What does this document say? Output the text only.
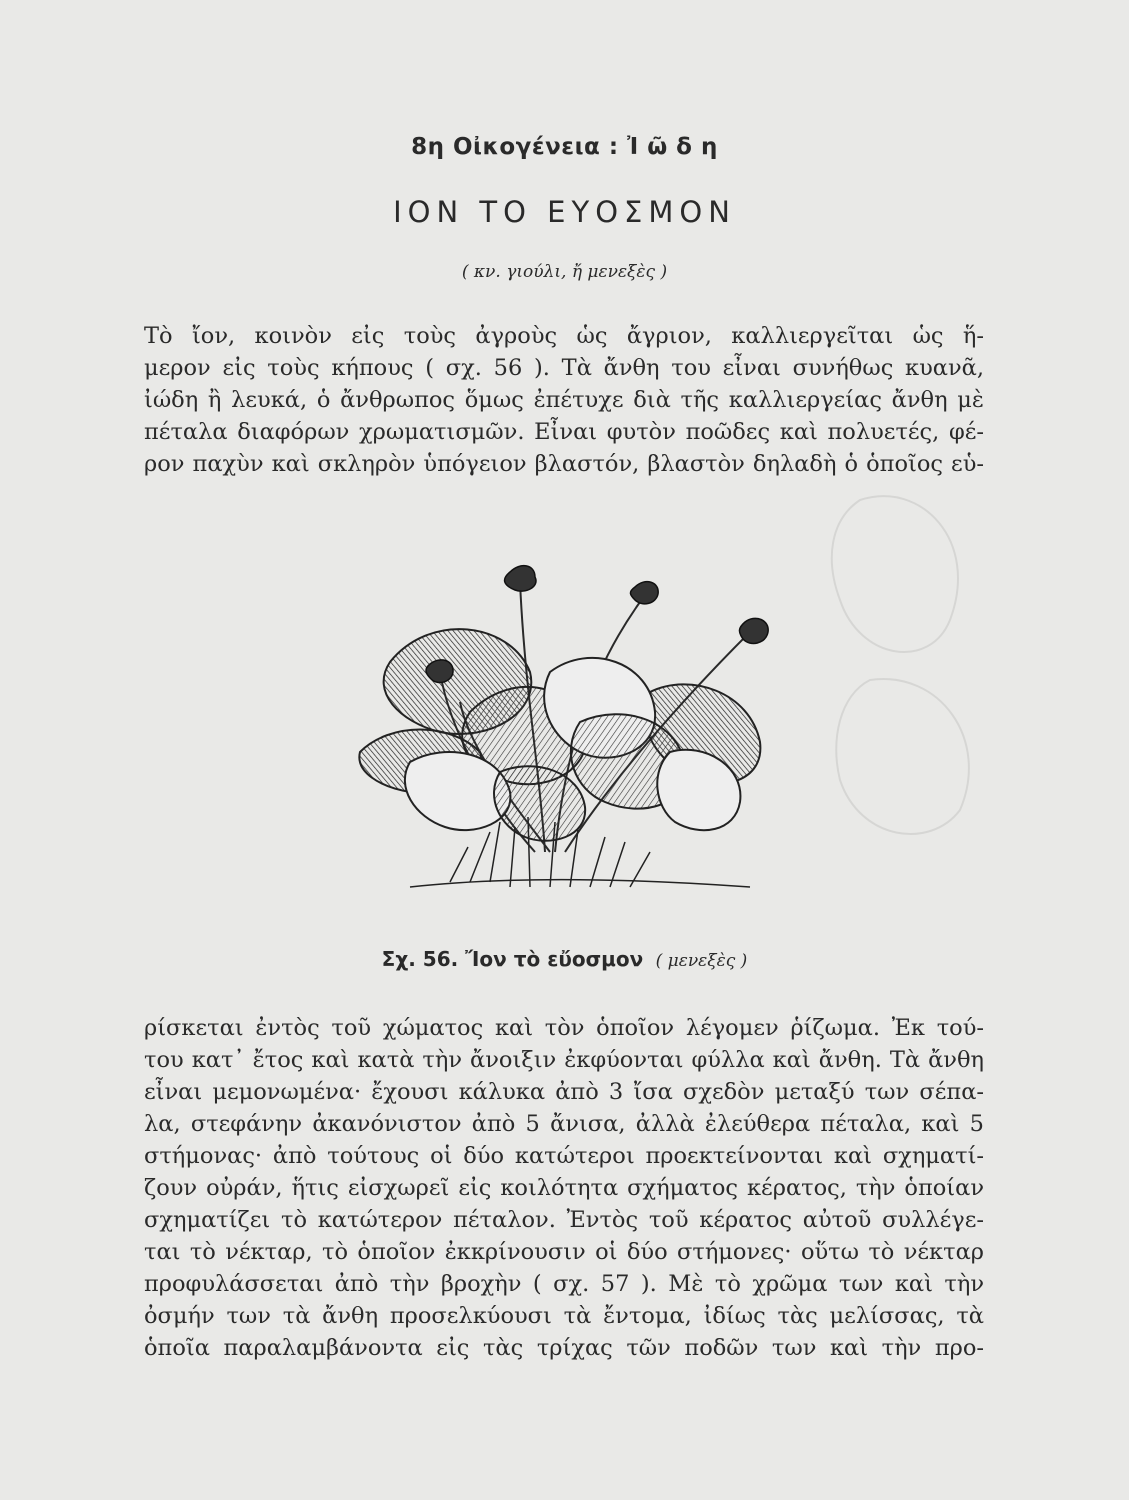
8η Οἰκογένεια : Ἰ ῶ δ η
ΙΟΝ ΤΟ ΕΥΟΣΜΟΝ
( κν. γιούλι, ἤ μενεξὲς )
Τὸ ἴον, κοινὸν εἰς τοὺς ἀγροὺς ὡς ἄγριον, καλλιεργεῖται ὡς ἥ-
μερον εἰς τοὺς κήπους ( σχ. 56 ). Τὰ ἄνθη του εἶναι συνήθως κυανᾶ,
ἰώδη ἢ λευκά, ὁ ἄνθρωπος ὅμως ἐπέτυχε διὰ τῆς καλλιεργείας ἄνθη μὲ
πέταλα διαφόρων χρωματισμῶν. Εἶναι φυτὸν ποῶδες καὶ πολυετές, φέ-
ρον παχὺν καὶ σκληρὸν ὑπόγειον βλαστόν, βλαστὸν δηλαδὴ ὁ ὁποῖος εὑ-
Σχ. 56. Ἴον τὸ εὔοσμον ( μενεξὲς )
ρίσκεται ἐντὸς τοῦ χώματος καὶ τὸν ὁποῖον λέγομεν ῥίζωμα. Ἐκ τού-
του κατ᾽ ἔτος καὶ κατὰ τὴν ἄνοιξιν ἐκφύονται φύλλα καὶ ἄνθη. Τὰ ἄνθη
εἶναι μεμονωμένα· ἔχουσι κάλυκα ἀπὸ 3 ἴσα σχεδὸν μεταξύ των σέπα-
λα, στεφάνην ἀκανόνιστον ἀπὸ 5 ἄνισα, ἀλλὰ ἐλεύθερα πέταλα, καὶ 5
στήμονας· ἀπὸ τούτους οἱ δύο κατώτεροι προεκτείνονται καὶ σχηματί-
ζουν οὐράν, ἥτις εἰσχωρεῖ εἰς κοιλότητα σχήματος κέρατος, τὴν ὁποίαν
σχηματίζει τὸ κατώτερον πέταλον. Ἐντὸς τοῦ κέρατος αὐτοῦ συλλέγε-
ται τὸ νέκταρ, τὸ ὁποῖον ἐκκρίνουσιν οἱ δύο στήμονες· οὕτω τὸ νέκταρ
προφυλάσσεται ἀπὸ τὴν βροχὴν ( σχ. 57 ). Μὲ τὸ χρῶμα των καὶ τὴν
ὀσμήν των τὰ ἄνθη προσελκύουσι τὰ ἔντομα, ἰδίως τὰς μελίσσας, τὰ
ὁποῖα παραλαμβάνοντα εἰς τὰς τρίχας τῶν ποδῶν των καὶ τὴν προ-
